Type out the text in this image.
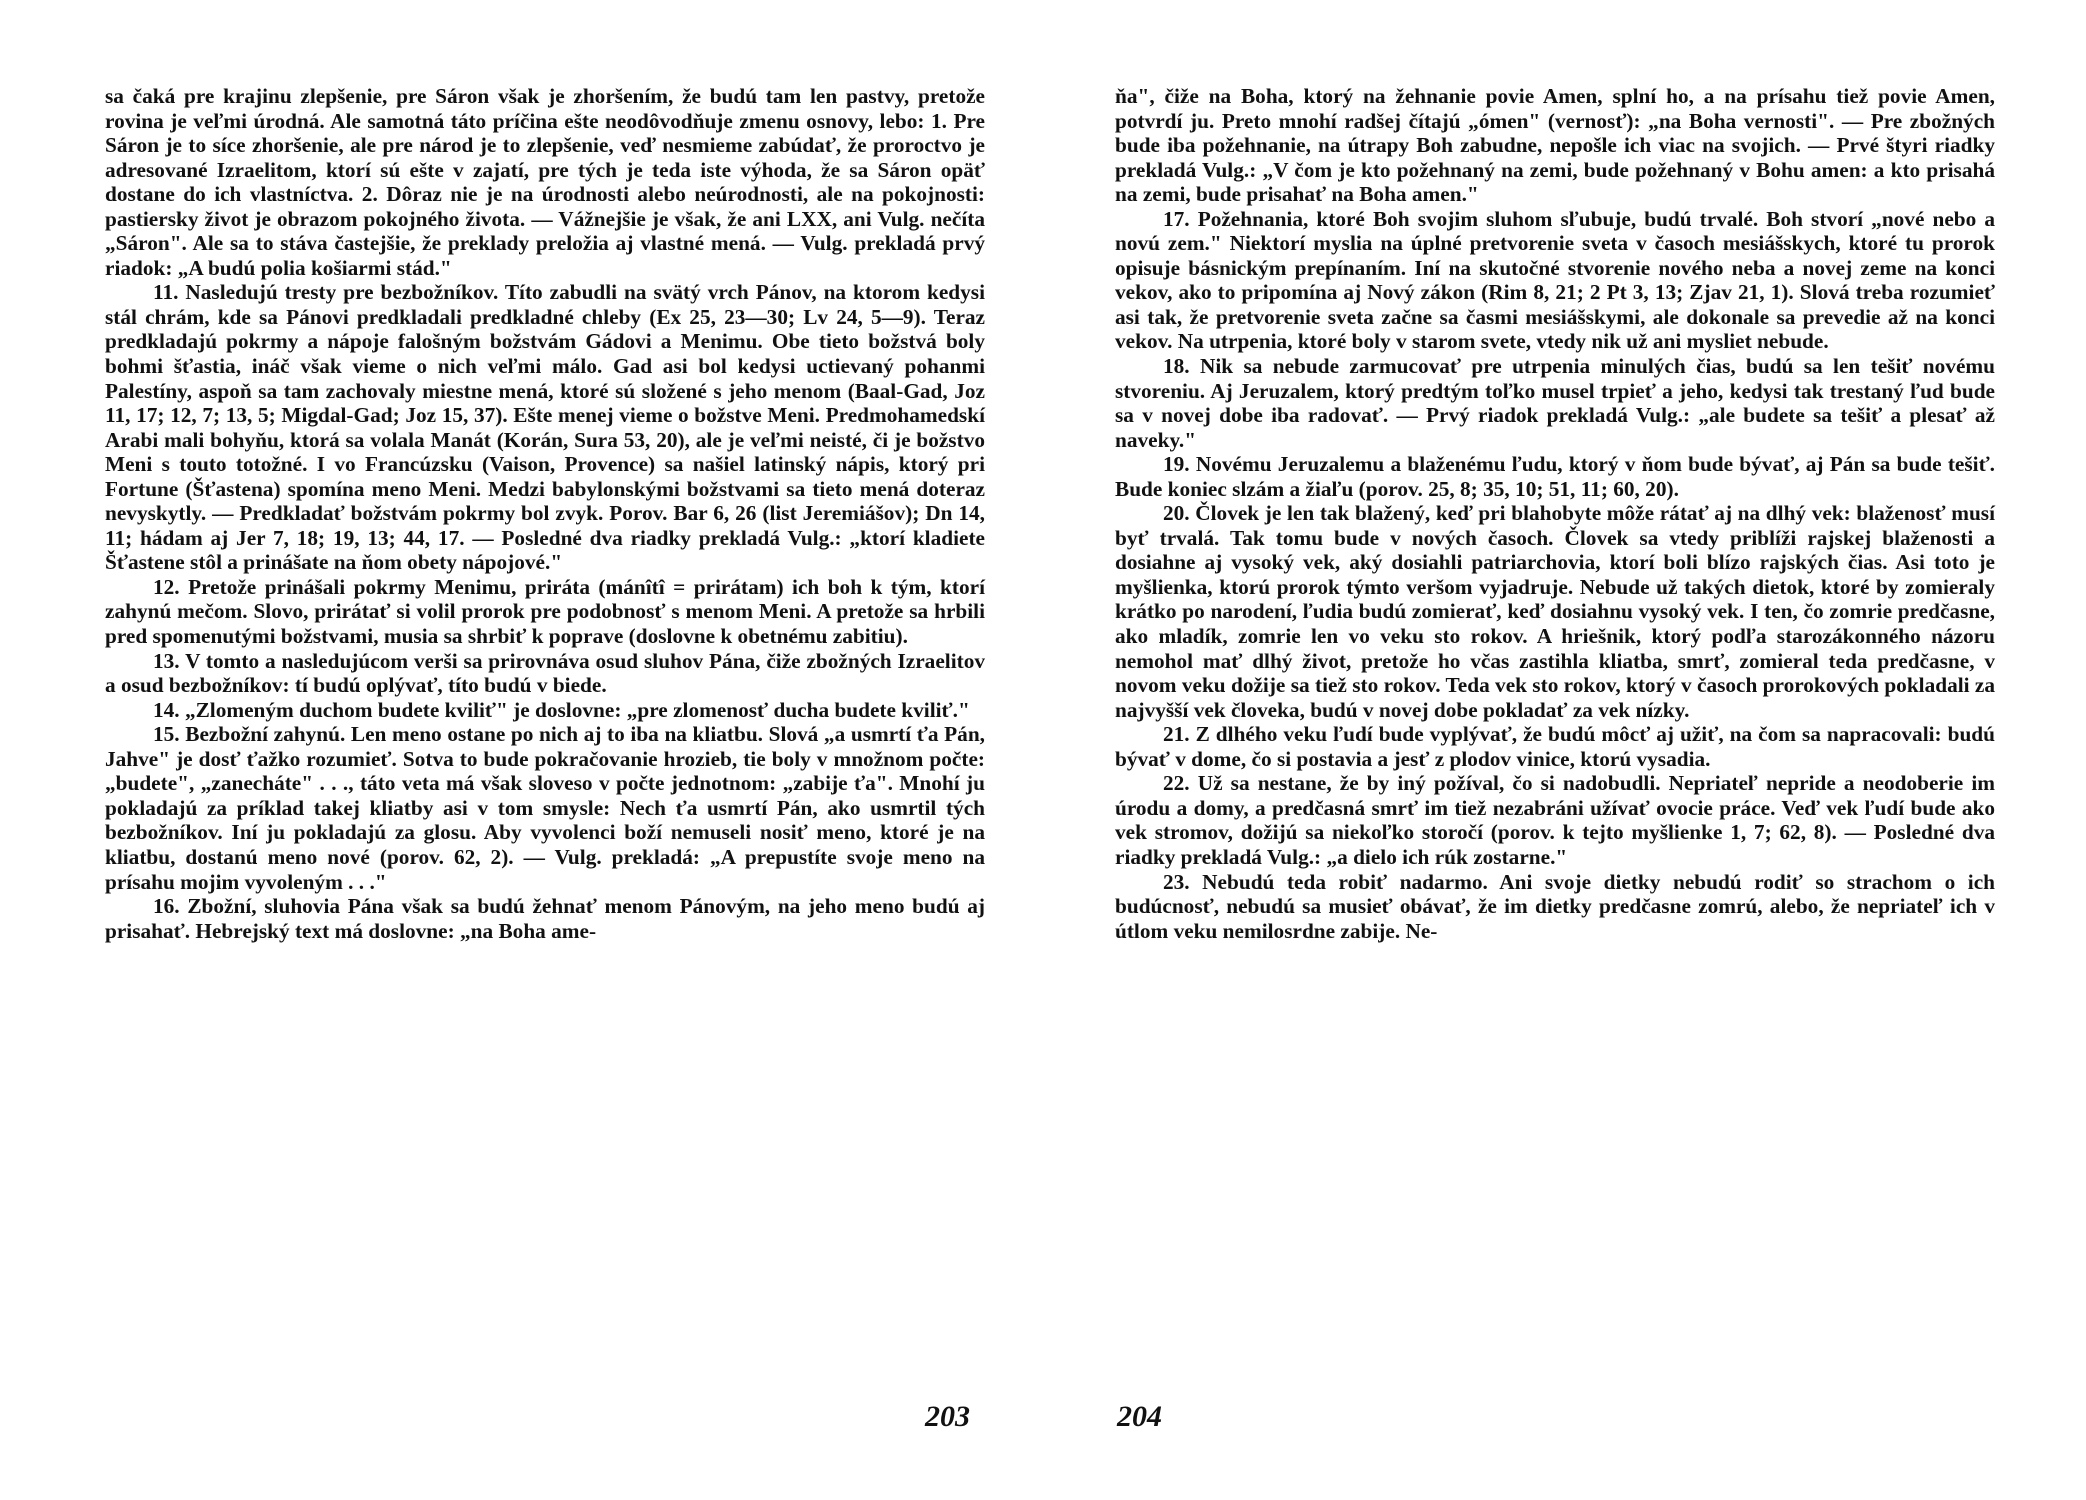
sa čaká pre krajinu zlepšenie, pre Sáron však je zhoršením, že budú tam len pastvy, pretože rovina je veľmi úrodná. Ale samotná táto príčina ešte neodôvodňuje zmenu osnovy, lebo: 1. Pre Sáron je to síce zhoršenie, ale pre národ je to zlepšenie, veď nesmieme zabúdať, že proroctvo je adresované Izraelitom, ktorí sú ešte v zajatí, pre tých je teda iste výhoda, že sa Sáron opäť dostane do ich vlastníctva. 2. Dôraz nie je na úrodnosti alebo neúrodnosti, ale na pokojnosti: pastiersky život je obrazom pokojného života. — Vážnejšie je však, že ani LXX, ani Vulg. nečíta „Sáron". Ale sa to stáva častejšie, že preklady preložia aj vlastné mená. — Vulg. prekladá prvý riadok: „A budú polia košiarmi stád."

11. Nasledujú tresty pre bezbožníkov. Títo zabudli na svätý vrch Pánov, na ktorom kedysi stál chrám, kde sa Pánovi predkladali predkladné chleby (Ex 25, 23—30; Lv 24, 5—9). Teraz predkladajú pokrmy a nápoje falošným božstvám Gádovi a Menimu. Obe tieto božstvá boly bohmi šťastia, ináč však vieme o nich veľmi málo. Gad asi bol kedysi uctievaný pohanmi Palestíny, aspoň sa tam zachovaly miestne mená, ktoré sú složené s jeho menom (Baal-Gad, Joz 11, 17; 12, 7; 13, 5; Migdal-Gad; Joz 15, 37). Ešte menej vieme o božstve Meni. Predmohamedskí Arabi mali bohyňu, ktorá sa volala Manát (Korán, Sura 53, 20), ale je veľmi neisté, či je božstvo Meni s touto totožné. I vo Francúzsku (Vaison, Provence) sa našiel latinský nápis, ktorý pri Fortune (Šťastena) spomína meno Meni. Medzi babylonskými božstvami sa tieto mená doteraz nevyskytly. — Predkladať božstvám pokrmy bol zvyk. Porov. Bar 6, 26 (list Jeremiášov); Dn 14, 11; hádam aj Jer 7, 18; 19, 13; 44, 17. — Posledné dva riadky prekladá Vulg.: „ktorí kladiete Šťastene stôl a prinášate na ňom obety nápojové."

12. Pretože prinášali pokrmy Menimu, priráta (mánîtî = prirátam) ich boh k tým, ktorí zahynú mečom. Slovo, prirátať si volil prorok pre podobnosť s menom Meni. A pretože sa hrbili pred spomenutými božstvami, musia sa shrbiť k poprave (doslovne k obetnému zabitiu).

13. V tomto a nasledujúcom verši sa prirovnáva osud sluhov Pána, čiže zbožných Izraelitov a osud bezbožníkov: tí budú oplývať, títo budú v biede.

14. „Zlomeným duchom budete kviliť" je doslovne: „pre zlomenosť ducha budete kviliť."

15. Bezbožní zahynú. Len meno ostane po nich aj to iba na kliatbu. Slová „a usmrtí ťa Pán, Jahve" je dosť ťažko rozumieť. Sotva to bude pokračovanie hrozieb, tie boly v množnom počte: „budete", „zanecháte" . . ., táto veta má však sloveso v počte jednotnom: „zabije ťa". Mnohí ju pokladajú za príklad takej kliatby asi v tom smysle: Nech ťa usmrtí Pán, ako usmrtil tých bezbožníkov. Iní ju pokladajú za glosu. Aby vyvolenci boží nemuseli nosiť meno, ktoré je na kliatbu, dostanú meno nové (porov. 62, 2). — Vulg. prekladá: „A prepustíte svoje meno na prísahu mojim vyvoleným . . ."

16. Zbožní, sluhovia Pána však sa budú žehnať menom Pánovým, na jeho meno budú aj prisahať. Hebrejský text má doslovne: „na Boha ame-

203

ňa", čiže na Boha, ktorý na žehnanie povie Amen, splní ho, a na prísahu tiež povie Amen, potvrdí ju. Preto mnohí radšej čítajú „ómen" (vernosť): „na Boha vernosti". — Pre zbožných bude iba požehnanie, na útrapy Boh zabudne, nepošle ich viac na svojich. — Prvé štyri riadky prekladá Vulg.: „V čom je kto požehnaný na zemi, bude požehnaný v Bohu amen: a kto prisahá na zemi, bude prisahať na Boha amen."

17. Požehnania, ktoré Boh svojim sluhom sľubuje, budú trvalé. Boh stvorí „nové nebo a novú zem." Niektorí myslia na úplné pretvorenie sveta v časoch mesiášskych, ktoré tu prorok opisuje básnickým prepínaním. Iní na skutočné stvorenie nového neba a novej zeme na konci vekov, ako to pripomína aj Nový zákon (Rim 8, 21; 2 Pt 3, 13; Zjav 21, 1). Slová treba rozumieť asi tak, že pretvorenie sveta začne sa časmi mesiášskymi, ale dokonale sa prevedie až na konci vekov. Na utrpenia, ktoré boly v starom svete, vtedy nik už ani mysliet nebude.

18. Nik sa nebude zarmucovať pre utrpenia minulých čias, budú sa len tešiť novému stvoreniu. Aj Jeruzalem, ktorý predtým toľko musel trpieť a jeho, kedysi tak trestaný ľud bude sa v novej dobe iba radovať. — Prvý riadok prekladá Vulg.: „ale budete sa tešiť a plesať až naveky."

19. Novému Jeruzalemu a blaženému ľudu, ktorý v ňom bude bývať, aj Pán sa bude tešiť. Bude koniec slzám a žiaľu (porov. 25, 8; 35, 10; 51, 11; 60, 20).

20. Človek je len tak blažený, keď pri blahobyte môže rátať aj na dlhý vek: blaženosť musí byť trvalá. Tak tomu bude v nových časoch. Človek sa vtedy priblíži rajskej blaženosti a dosiahne aj vysoký vek, aký dosiahli patriarchovia, ktorí boli blízo rajských čias. Asi toto je myšlienka, ktorú prorok týmto veršom vyjadruje. Nebude už takých dietok, ktoré by zomieraly krátko po narodení, ľudia budú zomierať, keď dosiahnu vysoký vek. I ten, čo zomrie predčasne, ako mladík, zomrie len vo veku sto rokov. A hriešnik, ktorý podľa starozákonného názoru nemohol mať dlhý život, pretože ho včas zastihla kliatba, smrť, zomieral teda predčasne, v novom veku dožije sa tiež sto rokov. Teda vek sto rokov, ktorý v časoch prorokových pokladali za najvyšší vek človeka, budú v novej dobe pokladať za vek nízky.

21. Z dlhého veku ľudí bude vyplývať, že budú môcť aj užiť, na čom sa napracovali: budú bývať v dome, čo si postavia a jesť z plodov vinice, ktorú vysadia.

22. Už sa nestane, že by iný požíval, čo si nadobudli. Nepriateľ nepride a neodoberie im úrodu a domy, a predčasná smrť im tiež nezabráni užívať ovocie práce. Veď vek ľudí bude ako vek stromov, dožijú sa niekoľko storočí (porov. k tejto myšlienke 1, 7; 62, 8). — Posledné dva riadky prekladá Vulg.: „a dielo ich rúk zostarne."

23. Nebudú teda robiť nadarmo. Ani svoje dietky nebudú rodiť so strachom o ich budúcnosť, nebudú sa musieť obávať, že im dietky predčasne zomrú, alebo, že nepriateľ ich v útlom veku nemilosrdne zabije. Ne-

204
